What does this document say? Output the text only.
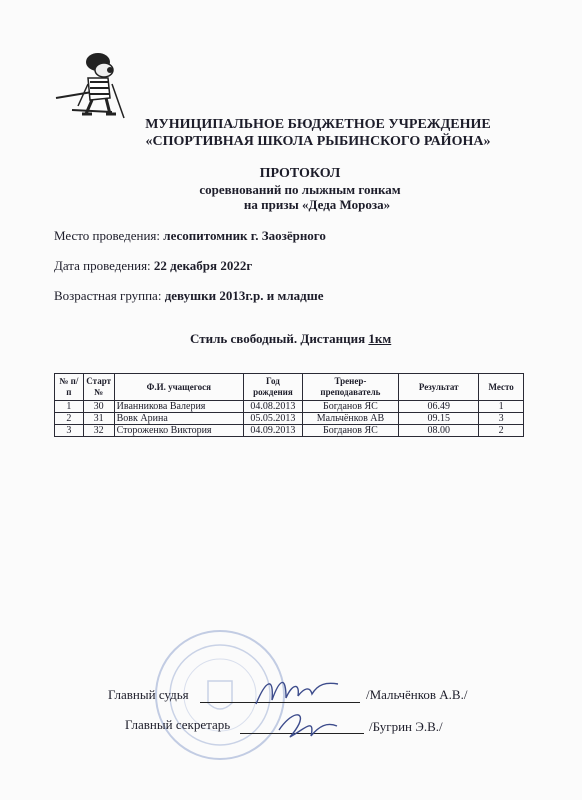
МУНИЦИПАЛЬНОЕ БЮДЖЕТНОЕ УЧРЕЖДЕНИЕ
«СПОРТИВНАЯ ШКОЛА РЫБИНСКОГО РАЙОНА»
ПРОТОКОЛ
соревнований по лыжным гонкам
на призы «Деда Мороза»
Место проведения: лесопитомник г. Заозёрного
Дата проведения: 22 декабря 2022г
Возрастная группа: девушки 2013г.р. и младше
Стиль свободный. Дистанция 1км
№ п/п	Старт №	Ф.И. учащегося	Год рождения	Тренер-преподаватель	Результат	Место
1	30	Иванникова Валерия	04.08.2013	Богданов ЯС	06.49	1
2	31	Вовк Арина	05.05.2013	Мальчёнков АВ	09.15	3
3	32	Стороженко Виктория	04.09.2013	Богданов ЯС	08.00	2
Главный судья	/Мальчёнков А.В./
Главный секретарь	/Бугрин Э.В./
